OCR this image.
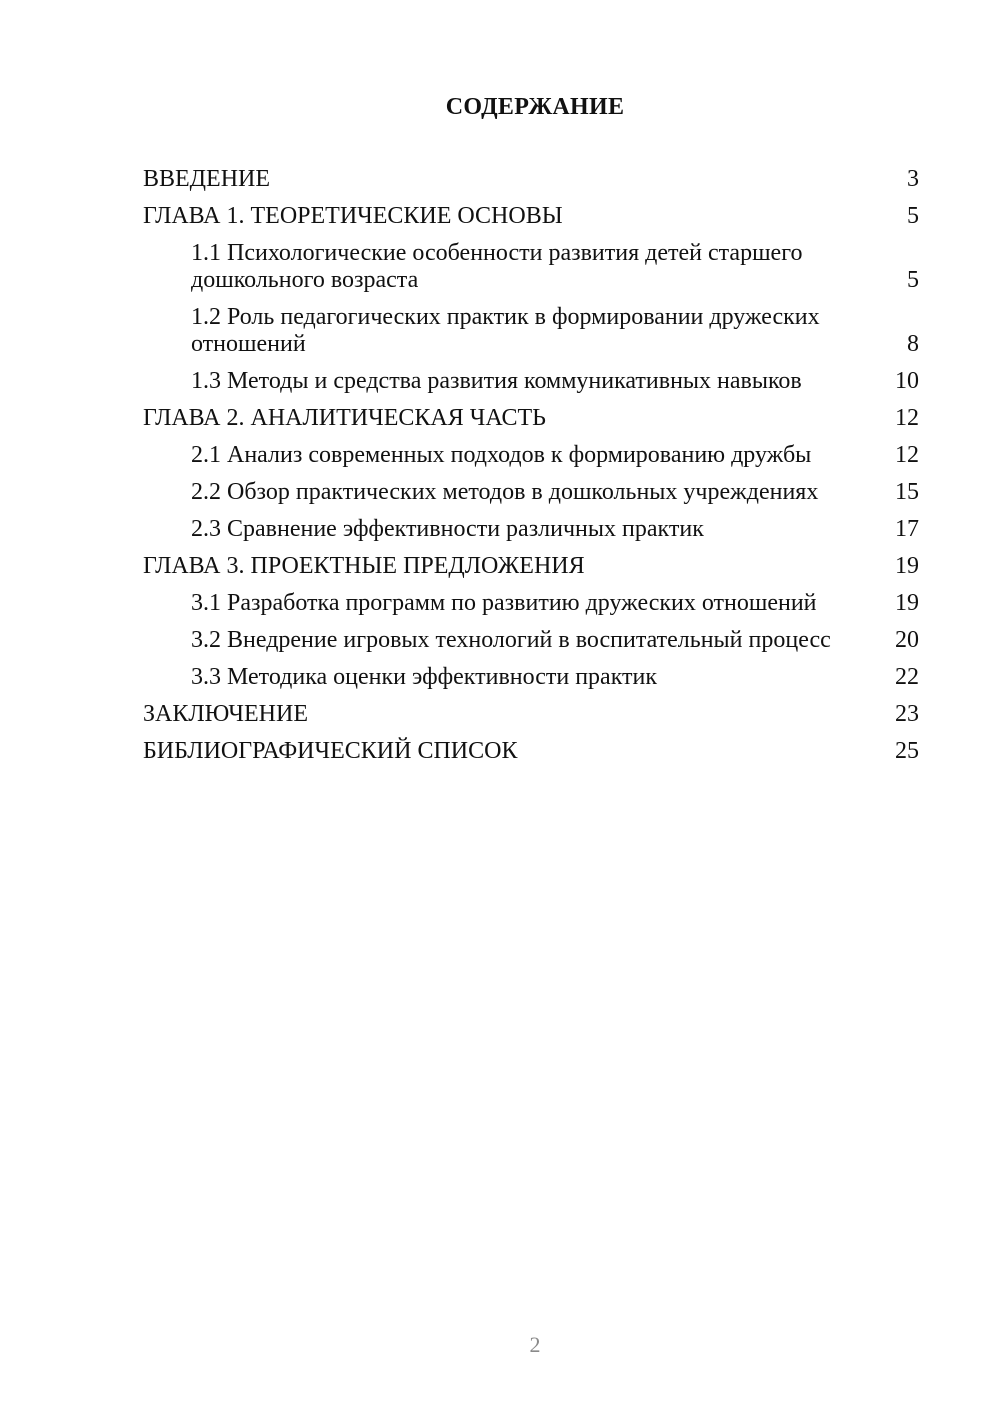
СОДЕРЖАНИЕ
ВВЕДЕНИЕ	3
ГЛАВА 1. ТЕОРЕТИЧЕСКИЕ ОСНОВЫ	5
1.1 Психологические особенности развития детей старшего дошкольного возраста	5
1.2 Роль педагогических практик в формировании дружеских отношений	8
1.3 Методы и средства развития коммуникативных навыков	10
ГЛАВА 2. АНАЛИТИЧЕСКАЯ ЧАСТЬ	12
2.1 Анализ современных подходов к формированию дружбы	12
2.2 Обзор практических методов в дошкольных учреждениях	15
2.3 Сравнение эффективности различных практик	17
ГЛАВА 3. ПРОЕКТНЫЕ ПРЕДЛОЖЕНИЯ	19
3.1 Разработка программ по развитию дружеских отношений	19
3.2 Внедрение игровых технологий в воспитательный процесс	20
3.3 Методика оценки эффективности практик	22
ЗАКЛЮЧЕНИЕ	23
БИБЛИОГРАФИЧЕСКИЙ СПИСОК	25
2
